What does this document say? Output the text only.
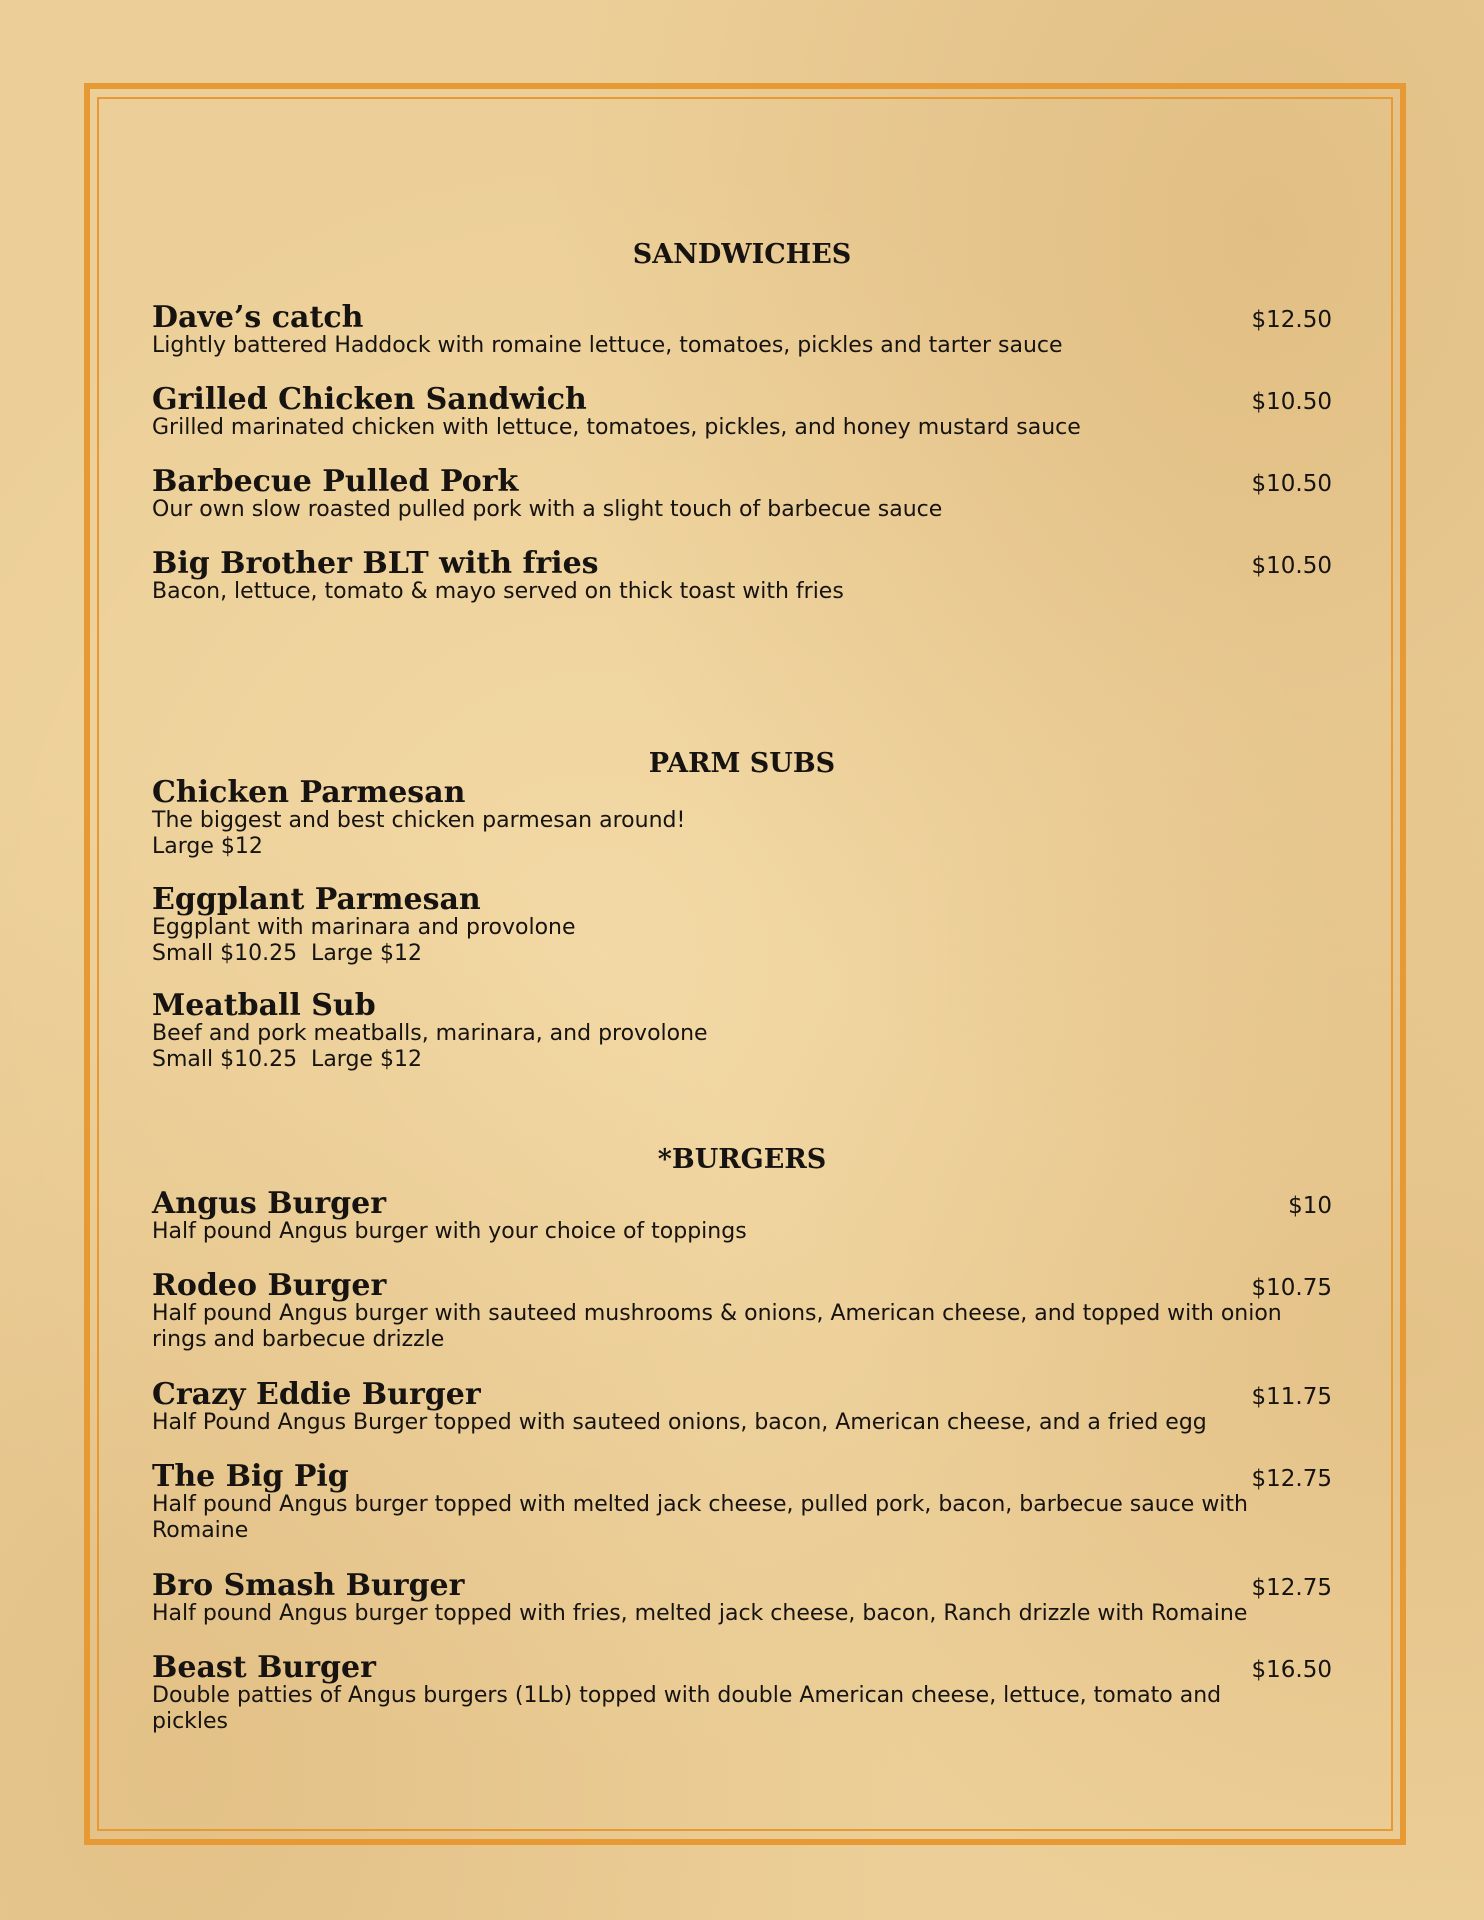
SANDWICHES

Dave’s catch	$12.50

Lightly battered Haddock with romaine lettuce, tomatoes, pickles and tarter sauce

Grilled Chicken Sandwich	$10.50

Grilled marinated chicken with lettuce, tomatoes, pickles, and honey mustard sauce

Barbecue Pulled Pork	$10.50

Our own slow roasted pulled pork with a slight touch of barbecue sauce

Big Brother BLT with fries	$10.50

Bacon, lettuce, tomato & mayo served on thick toast with fries

PARM SUBS

Chicken Parmesan

The biggest and best chicken parmesan around!

Large $12

Eggplant Parmesan

Eggplant with marinara and provolone

Small $10.25  Large $12

Meatball Sub

Beef and pork meatballs, marinara, and provolone

Small $10.25  Large $12

*BURGERS

Angus Burger	$10

Half pound Angus burger with your choice of toppings

Rodeo Burger	$10.75

Half pound Angus burger with sauteed mushrooms & onions, American cheese, and topped with onion rings and barbecue drizzle

Crazy Eddie Burger	$11.75

Half Pound Angus Burger topped with sauteed onions, bacon, American cheese, and a fried egg

The Big Pig	$12.75

Half pound Angus burger topped with melted jack cheese, pulled pork, bacon, barbecue sauce with Romaine

Bro Smash Burger	$12.75

Half pound Angus burger topped with fries, melted jack cheese, bacon, Ranch drizzle with Romaine

Beast Burger	$16.50

Double patties of Angus burgers (1Lb) topped with double American cheese, lettuce, tomato and pickles
